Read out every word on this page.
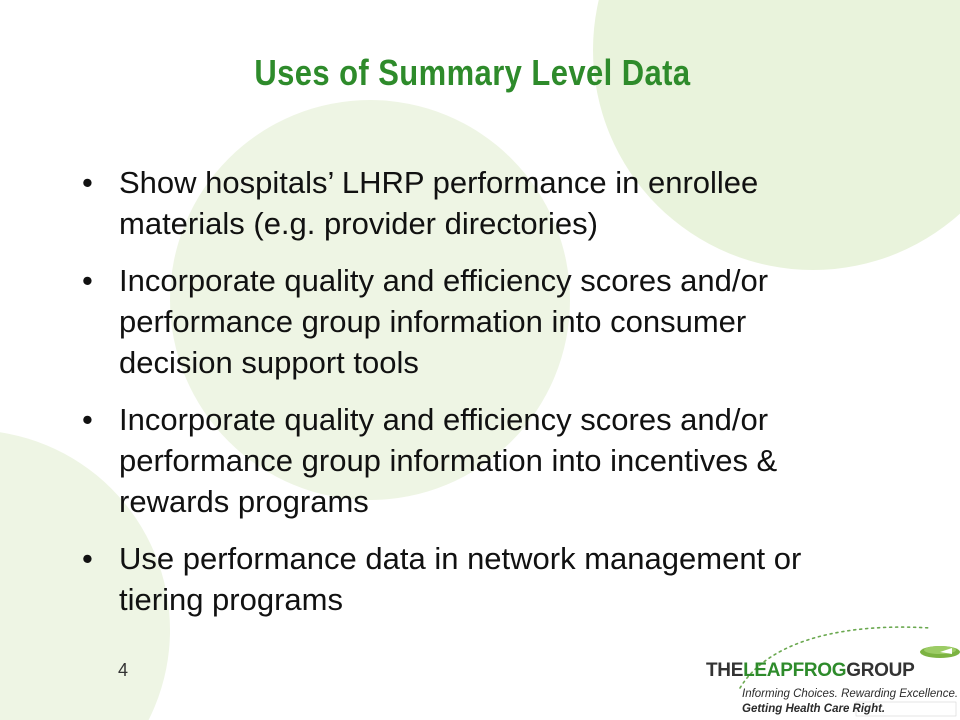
Uses of Summary Level Data
• Show hospitals’ LHRP performance in enrollee materials (e.g. provider directories)
• Incorporate quality and efficiency scores and/or performance group information into consumer decision support tools
• Incorporate quality and efficiency scores and/or performance group information into incentives & rewards programs
• Use performance data in network management or tiering programs
4	THELEAPFROGGROUP
Informing Choices. Rewarding Excellence.
Getting Health Care Right.
